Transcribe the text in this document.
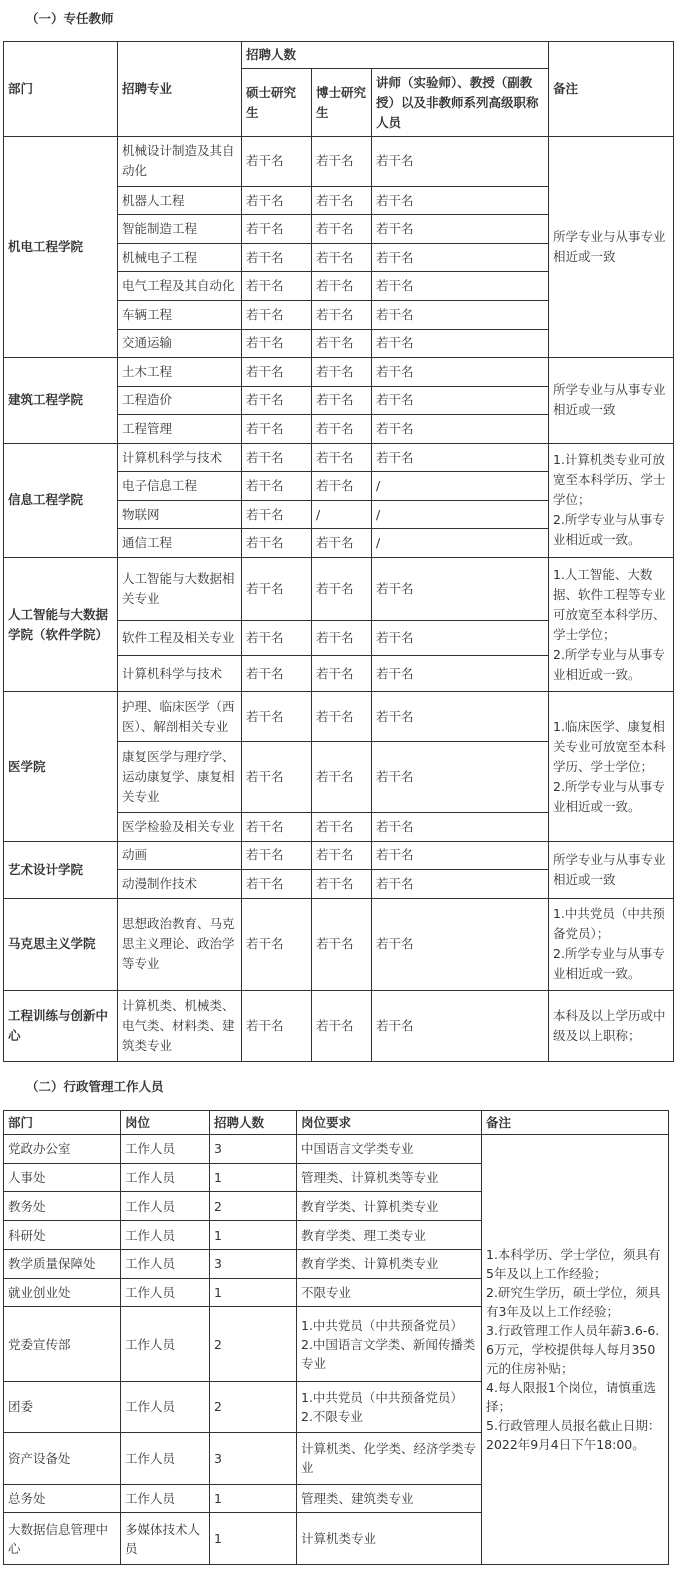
（一）专任教师
部门	招聘专业	招聘人数			备注
		硕士研究生	博士研究生	讲师（实验师）、教授（副教授）以及非教师系列高级职称人员	
机电工程学院	机械设计制造及其自动化	若干名	若干名	若干名	所学专业与从事专业相近或一致
	机器人工程	若干名	若干名	若干名	
	智能制造工程	若干名	若干名	若干名	
	机械电子工程	若干名	若干名	若干名	
	电气工程及其自动化	若干名	若干名	若干名	
	车辆工程	若干名	若干名	若干名	
	交通运输	若干名	若干名	若干名	
建筑工程学院	土木工程	若干名	若干名	若干名	所学专业与从事专业相近或一致
	工程造价	若干名	若干名	若干名	
	工程管理	若干名	若干名	若干名	
信息工程学院	计算机科学与技术	若干名	若干名	若干名	1.计算机类专业可放宽至本科学历、学士学位；
2.所学专业与从事专业相近或一致。
	电子信息工程	若干名	若干名	/	
	物联网	若干名	/	/	
	通信工程	若干名	若干名	/	
人工智能与大数据学院（软件学院）	人工智能与大数据相关专业	若干名	若干名	若干名	1.人工智能、大数据、软件工程等专业可放宽至本科学历、学士学位；
2.所学专业与从事专业相近或一致。
	软件工程及相关专业	若干名	若干名	若干名	
	计算机科学与技术	若干名	若干名	若干名	
医学院	护理、临床医学（西医）、解剖相关专业	若干名	若干名	若干名	1.临床医学、康复相关专业可放宽至本科学历、学士学位；
2.所学专业与从事专业相近或一致。
	康复医学与理疗学、运动康复学、康复相关专业	若干名	若干名	若干名	
	医学检验及相关专业	若干名	若干名	若干名	
艺术设计学院	动画	若干名	若干名	若干名	所学专业与从事专业相近或一致
	动漫制作技术	若干名	若干名	若干名	
马克思主义学院	思想政治教育、马克思主义理论、政治学等专业	若干名	若干名	若干名	1.中共党员（中共预备党员）；
2.所学专业与从事专业相近或一致。
工程训练与创新中心	计算机类、机械类、电气类、材料类、建筑类专业	若干名	若干名	若干名	本科及以上学历或中级及以上职称；
（二）行政管理工作人员
部门	岗位	招聘人数	岗位要求	备注
党政办公室	工作人员	3	中国语言文学类专业	1.本科学历、学士学位，须具有5年及以上工作经验；
2.研究生学历，硕士学位，须具有3年及以上工作经验；
3.行政管理工作人员年薪3.6-6.6万元，学校提供每人每月350元的住房补贴；
4.每人限报1个岗位，请慎重选择；
5.行政管理人员报名截止日期：2022年9月4日下午18:00。
人事处	工作人员	1	管理类、计算机类等专业	
教务处	工作人员	2	教育学类、计算机类专业	
科研处	工作人员	1	教育学类、理工类专业	
教学质量保障处	工作人员	3	教育学类、计算机类专业	
就业创业处	工作人员	1	不限专业	
党委宣传部	工作人员	2	1.中共党员（中共预备党员）
2.中国语言文学类、新闻传播类专业	
团委	工作人员	2	1.中共党员（中共预备党员）
2.不限专业	
资产设备处	工作人员	3	计算机类、化学类、经济学类专业	
总务处	工作人员	1	管理类、建筑类专业	
大数据信息管理中心	多媒体技术人员	1	计算机类专业	
